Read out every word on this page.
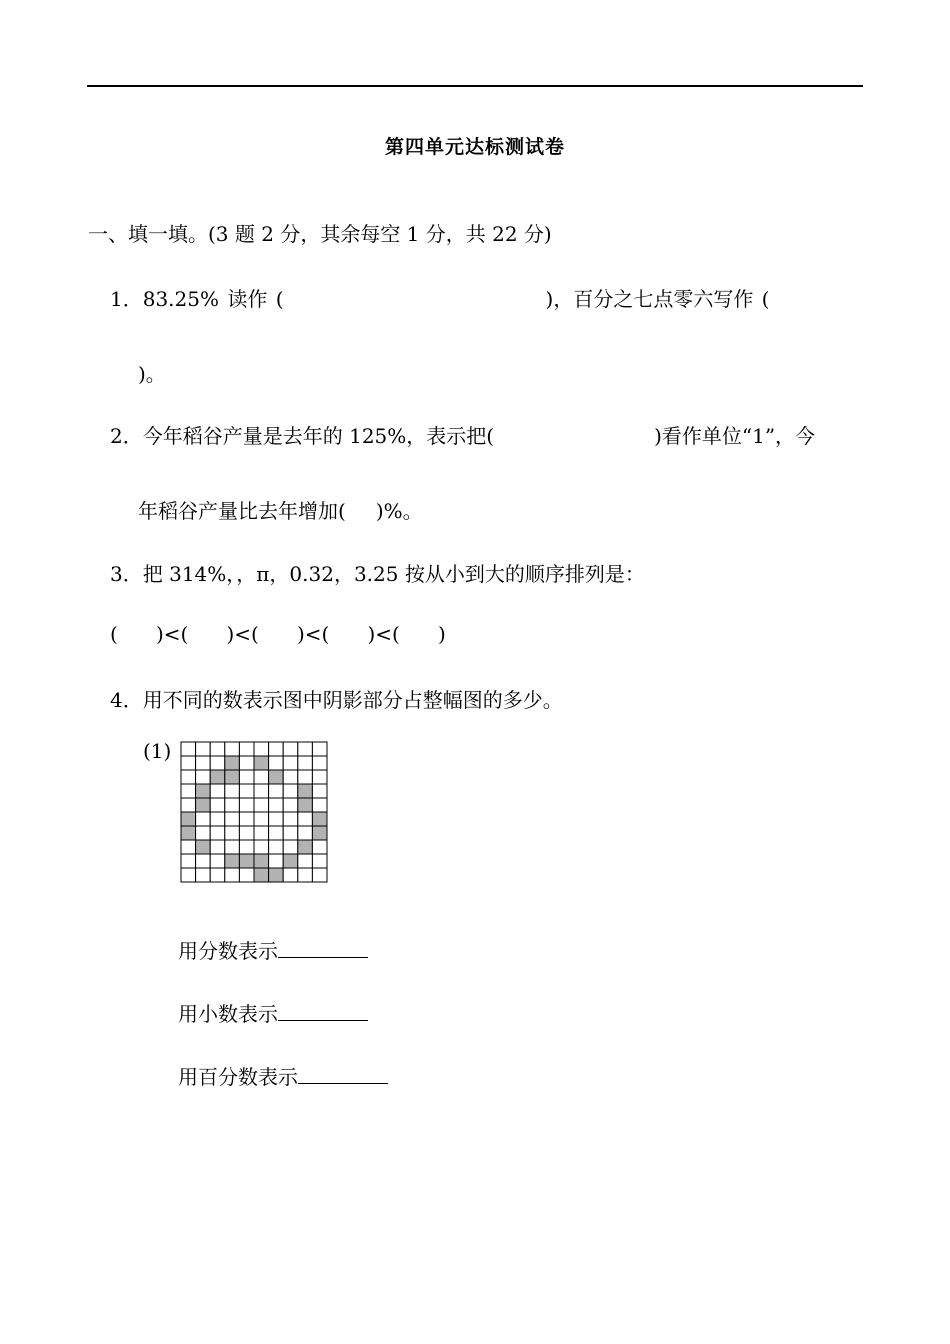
第四单元达标测试卷
一、填一填。(3 题 2 分，其余每空 1 分，共 22 分)
1．83.25% 读作 (	)，百分之七点零六写作 (
)。
2．今年稻谷产量是去年的 125%，表示把(	)看作单位“1”，今
年稻谷产量比去年增加( )%。
3．把 314%，，π，0.32，3.25 按从小到大的顺序排列是：
(      )<(      )<(      )<(      )<(      )
4．用不同的数表示图中阴影部分占整幅图的多少。
(1)
用分数表示
用小数表示
用百分数表示
